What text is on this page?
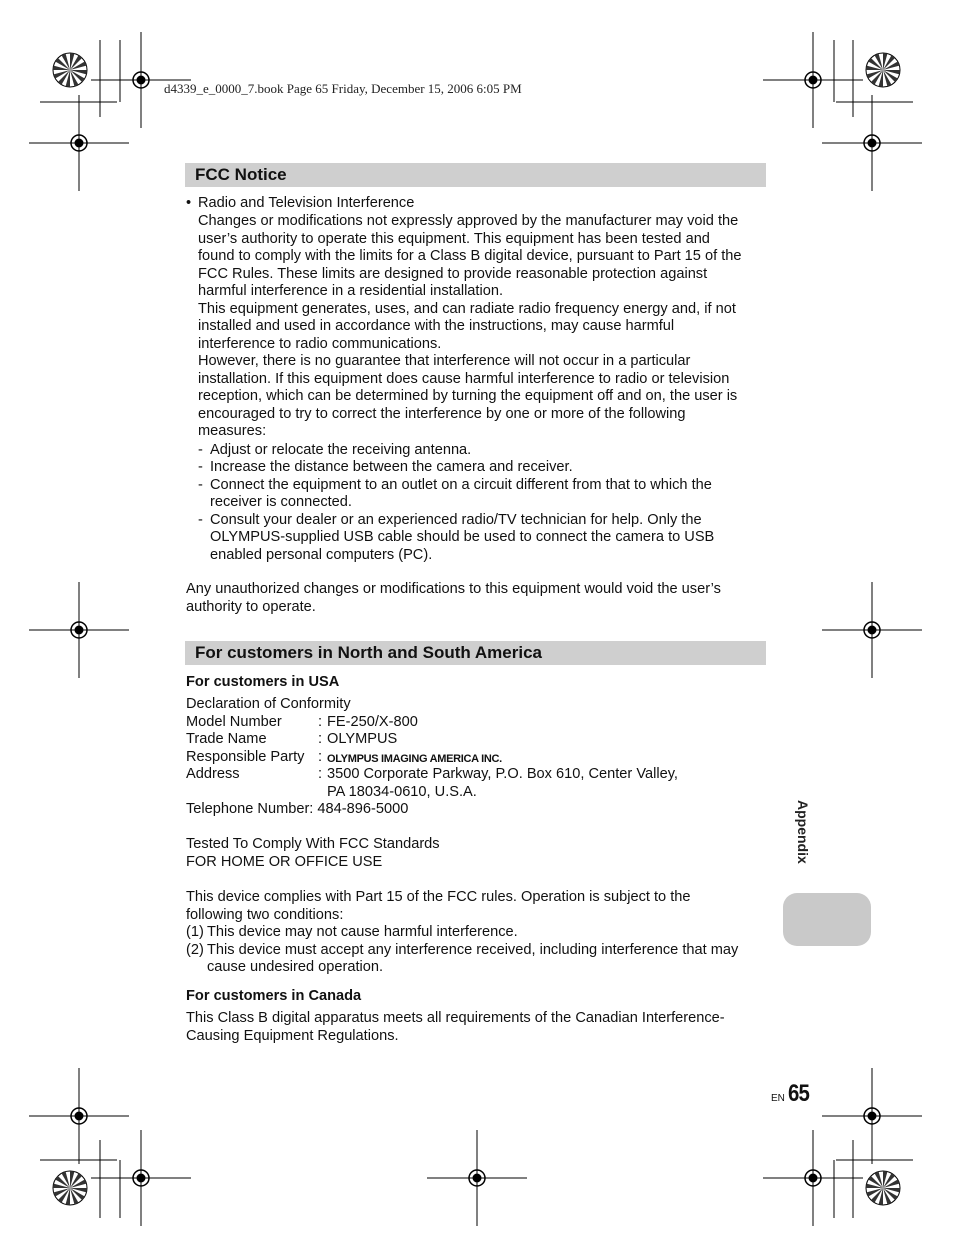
d4339_e_0000_7.book Page 65 Friday, December 15, 2006 6:05 PM
FCC Notice
• Radio and Television Interference
Changes or modifications not expressly approved by the manufacturer may void the
user’s authority to operate this equipment. This equipment has been tested and
found to comply with the limits for a Class B digital device, pursuant to Part 15 of the
FCC Rules. These limits are designed to provide reasonable protection against
harmful interference in a residential installation.
This equipment generates, uses, and can radiate radio frequency energy and, if not
installed and used in accordance with the instructions, may cause harmful
interference to radio communications.
However, there is no guarantee that interference will not occur in a particular
installation. If this equipment does cause harmful interference to radio or television
reception, which can be determined by turning the equipment off and on, the user is
encouraged to try to correct the interference by one or more of the following
measures:
- Adjust or relocate the receiving antenna.
- Increase the distance between the camera and receiver.
- Connect the equipment to an outlet on a circuit different from that to which the
receiver is connected.
- Consult your dealer or an experienced radio/TV technician for help. Only the
OLYMPUS-supplied USB cable should be used to connect the camera to USB
enabled personal computers (PC).
Any unauthorized changes or modifications to this equipment would void the user’s
authority to operate.
For customers in North and South America
For customers in USA
Declaration of Conformity
Model Number : FE-250/X-800
Trade Name	: OLYMPUS
Responsible Party : OLYMPUS IMAGING AMERICA INC.
Address	: 3500 Corporate Parkway, P.O. Box 610, Center Valley,
PA 18034-0610, U.S.A.
Telephone Number: 484-896-5000
Tested To Comply With FCC Standards
FOR HOME OR OFFICE USE
This device complies with Part 15 of the FCC rules. Operation is subject to the
following two conditions:
(1) This device may not cause harmful interference.
(2) This device must accept any interference received, including interference that may
cause undesired operation.
For customers in Canada
This Class B digital apparatus meets all requirements of the Canadian Interference-
Causing Equipment Regulations.
Appendix
EN 65
